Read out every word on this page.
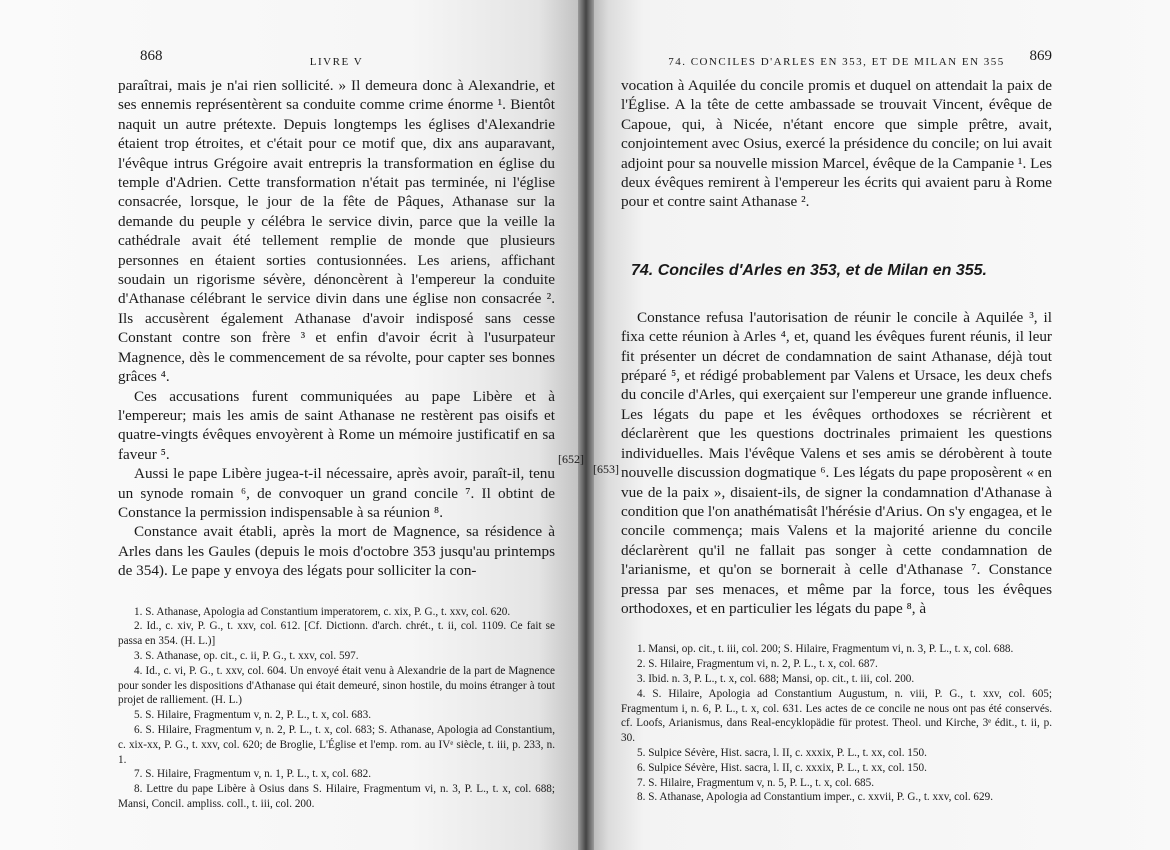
868	LIVRE V

paraîtrai, mais je n'ai rien sollicité. » Il demeura donc à Alexandrie, et ses ennemis représentèrent sa conduite comme crime énorme ¹. Bientôt naquit un autre prétexte. Depuis longtemps les églises d'Alexandrie étaient trop étroites, et c'était pour ce motif que, dix ans auparavant, l'évêque intrus Grégoire avait entrepris la transformation en église du temple d'Adrien. Cette transformation n'était pas terminée, ni l'église consacrée, lorsque, le jour de la fête de Pâques, Athanase sur la demande du peuple y célébra le service divin, parce que la veille la cathédrale avait été tellement remplie de monde que plusieurs personnes en étaient sorties contusionnées. Les ariens, affichant soudain un rigorisme sévère, dénoncèrent à l'empereur la conduite d'Athanase célébrant le service divin dans une église non consacrée ². Ils accusèrent également Athanase d'avoir indisposé sans cesse Constant contre son frère ³ et enfin d'avoir écrit à l'usurpateur Magnence, dès le commencement de sa révolte, pour capter ses bonnes grâces ⁴.

Ces accusations furent communiquées au pape Libère et à l'empereur; mais les amis de saint Athanase ne restèrent pas oisifs et quatre-vingts évêques envoyèrent à Rome un mémoire justificatif en sa faveur ⁵.

Aussi le pape Libère jugea-t-il nécessaire, après avoir, paraît-il, tenu un synode romain ⁶, de convoquer un grand concile ⁷. Il obtint de Constance la permission indispensable à sa réunion ⁸.

Constance avait établi, après la mort de Magnence, sa résidence à Arles dans les Gaules (depuis le mois d'octobre 353 jusqu'au printemps de 354). Le pape y envoya des légats pour solliciter la con-

1. S. Athanase, Apologia ad Constantium imperatorem, c. xix, P. G., t. xxv, col. 620.

2. Id., c. xiv, P. G., t. xxv, col. 612. [Cf. Dictionn. d'arch. chrét., t. ii, col. 1109. Ce fait se passa en 354. (H. L.)]

3. S. Athanase, op. cit., c. ii, P. G., t. xxv, col. 597.

4. Id., c. vi, P. G., t. xxv, col. 604. Un envoyé était venu à Alexandrie de la part de Magnence pour sonder les dispositions d'Athanase qui était demeuré, sinon hostile, du moins étranger à tout projet de ralliement. (H. L.)

5. S. Hilaire, Fragmentum v, n. 2, P. L., t. x, col. 683.

6. S. Hilaire, Fragmentum v, n. 2, P. L., t. x, col. 683; S. Athanase, Apologia ad Constantium, c. xix-xx, P. G., t. xxv, col. 620; de Broglie, L'Église et l'emp. rom. au IVᵉ siècle, t. iii, p. 233, n. 1.

7. S. Hilaire, Fragmentum v, n. 1, P. L., t. x, col. 682.

8. Lettre du pape Libère à Osius dans S. Hilaire, Fragmentum vi, n. 3, P. L., t. x, col. 688; Mansi, Concil. ampliss. coll., t. iii, col. 200.

74. CONCILES D'ARLES EN 353, ET DE MILAN EN 355	869

vocation à Aquilée du concile promis et duquel on attendait la paix de l'Église. A la tête de cette ambassade se trouvait Vincent, évêque de Capoue, qui, à Nicée, n'étant encore que simple prêtre, avait, conjointement avec Osius, exercé la présidence du concile; on lui avait adjoint pour sa nouvelle mission Marcel, évêque de la Campanie ¹. Les deux évêques remirent à l'empereur les écrits qui avaient paru à Rome pour et contre saint Athanase ².

74. Conciles d'Arles en 353, et de Milan en 355.

Constance refusa l'autorisation de réunir le concile à Aquilée ³, il fixa cette réunion à Arles ⁴, et, quand les évêques furent réunis, il leur fit présenter un décret de condamnation de saint Athanase, déjà tout préparé ⁵, et rédigé probablement par Valens et Ursace, les deux chefs du concile d'Arles, qui exerçaient sur l'empereur une grande influence. Les légats du pape et les évêques orthodoxes se récrièrent et déclarèrent que les questions doctrinales primaient les questions individuelles. Mais l'évêque Valens et ses amis se dérobèrent à toute nouvelle discussion dogmatique ⁶. Les légats du pape proposèrent « en vue de la paix », disaient-ils, de signer la condamnation d'Athanase à condition que l'on anathématisât l'hérésie d'Arius. On s'y engagea, et le concile commença; mais Valens et la majorité arienne du concile déclarèrent qu'il ne fallait pas songer à cette condamnation de l'arianisme, et qu'on se bornerait à celle d'Athanase ⁷. Constance pressa par ses menaces, et même par la force, tous les évêques orthodoxes, et en particulier les légats du pape ⁸, à

1. Mansi, op. cit., t. iii, col. 200; S. Hilaire, Fragmentum vi, n. 3, P. L., t. x, col. 688.

2. S. Hilaire, Fragmentum vi, n. 2, P. L., t. x, col. 687.

3. Ibid. n. 3, P. L., t. x, col. 688; Mansi, op. cit., t. iii, col. 200.

4. S. Hilaire, Apologia ad Constantium Augustum, n. viii, P. G., t. xxv, col. 605; Fragmentum i, n. 6, P. L., t. x, col. 631. Les actes de ce concile ne nous ont pas été conservés. cf. Loofs, Arianismus, dans Real-encyklopädie für protest. Theol. und Kirche, 3ᵉ édit., t. ii, p. 30.

5. Sulpice Sévère, Hist. sacra, l. II, c. xxxix, P. L., t. xx, col. 150.

6. Sulpice Sévère, Hist. sacra, l. II, c. xxxix, P. L., t. xx, col. 150.

7. S. Hilaire, Fragmentum v, n. 5, P. L., t. x, col. 685.

8. S. Athanase, Apologia ad Constantium imper., c. xxvii, P. G., t. xxv, col. 629.

[652]
[653]
